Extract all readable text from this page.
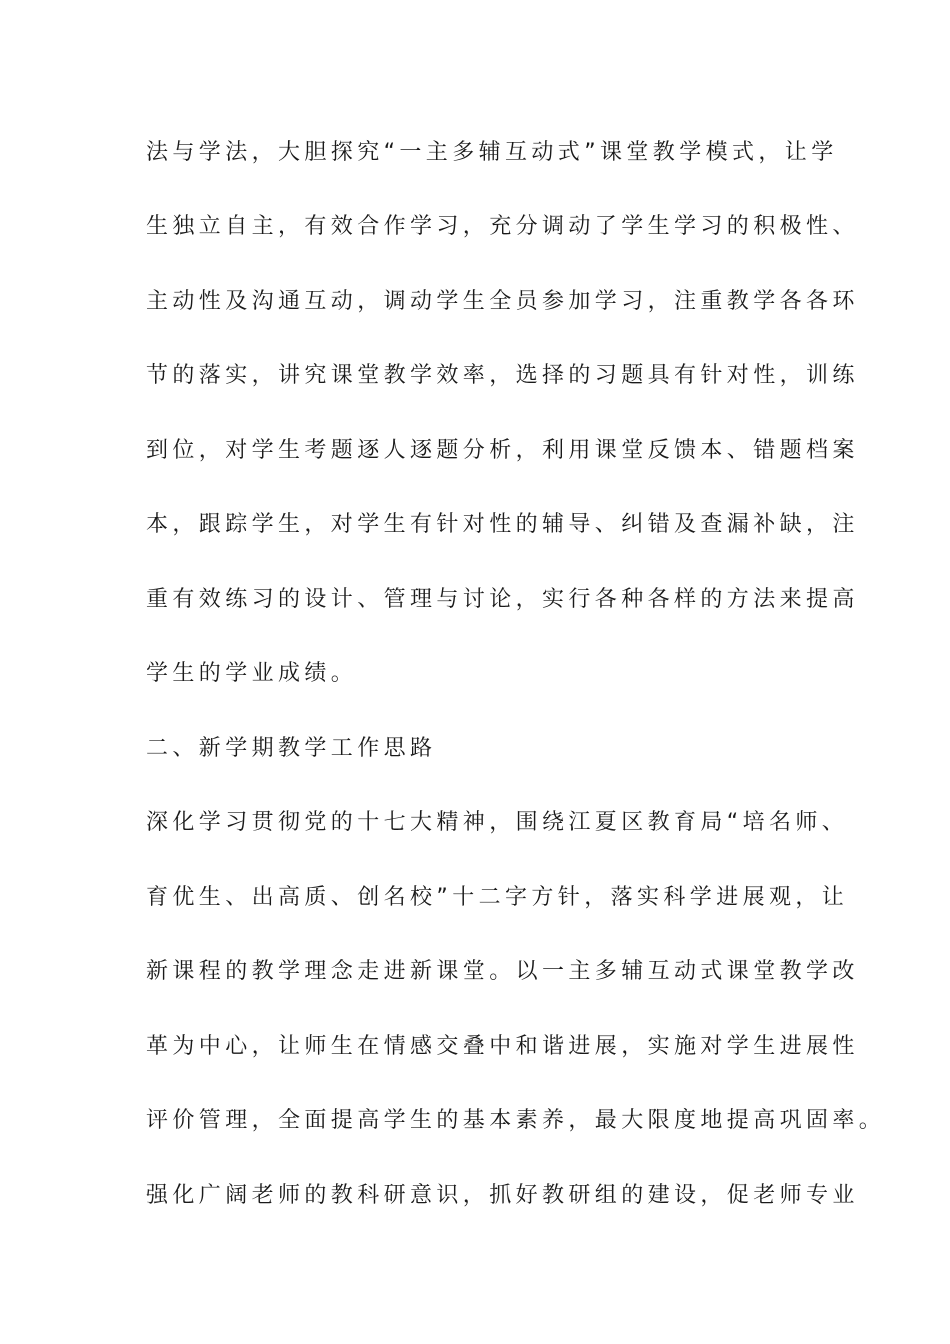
法与学法，大胆探究“一主多辅互动式”课堂教学模式，让学
生独立自主，有效合作学习，充分调动了学生学习的积极性、
主动性及沟通互动，调动学生全员参加学习，注重教学各各环
节的落实，讲究课堂教学效率，选择的习题具有针对性，训练
到位，对学生考题逐人逐题分析，利用课堂反馈本、错题档案
本，跟踪学生，对学生有针对性的辅导、纠错及查漏补缺，注
重有效练习的设计、管理与讨论，实行各种各样的方法来提高
学生的学业成绩。
二、新学期教学工作思路
深化学习贯彻党的十七大精神，围绕江夏区教育局“培名师、
育优生、出高质、创名校”十二字方针，落实科学进展观，让
新课程的教学理念走进新课堂。以一主多辅互动式课堂教学改
革为中心，让师生在情感交叠中和谐进展，实施对学生进展性
评价管理，全面提高学生的基本素养，最大限度地提高巩固率。
强化广阔老师的教科研意识，抓好教研组的建设，促老师专业
